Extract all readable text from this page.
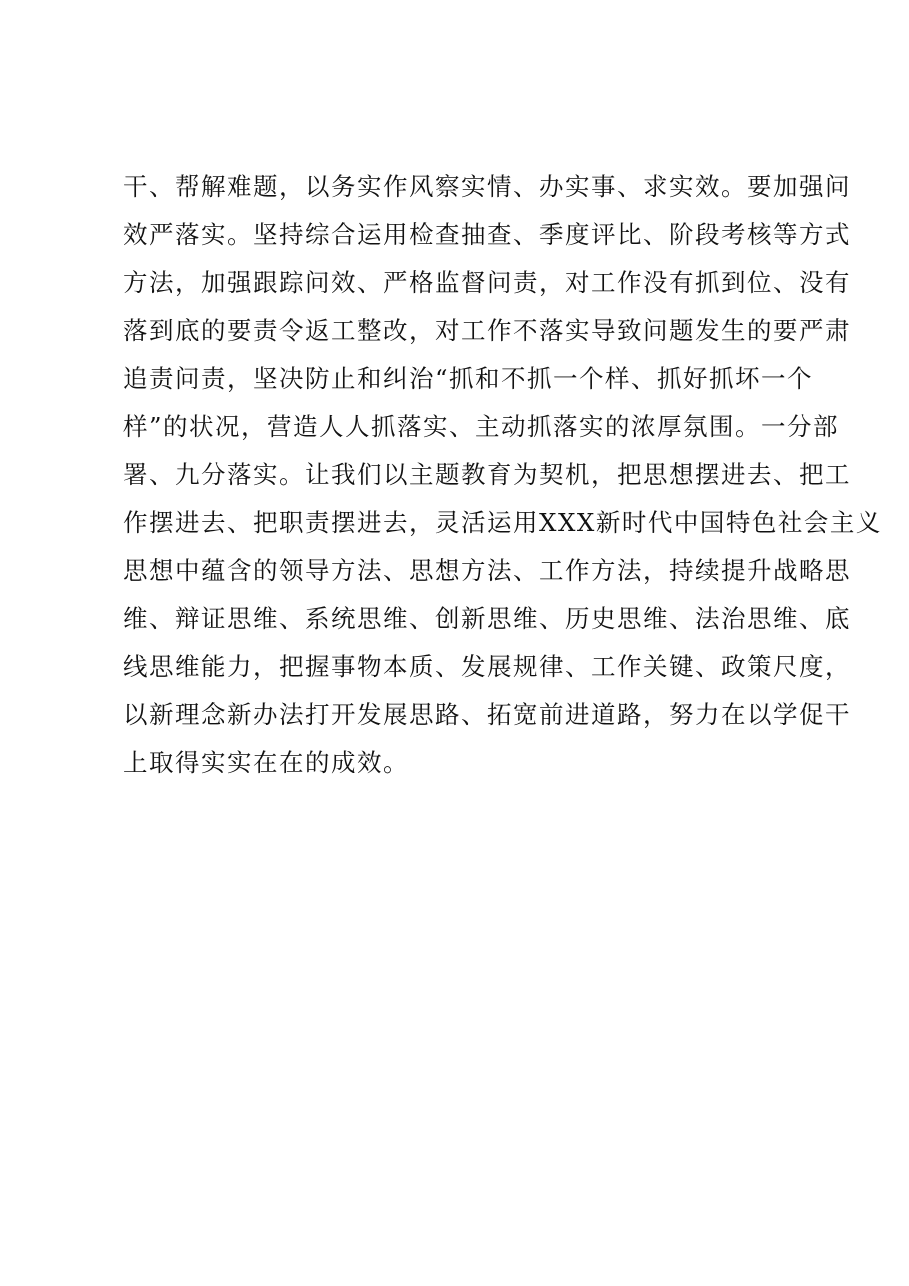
干、帮解难题，以务实作风察实情、办实事、求实效。要加强问
效严落实。坚持综合运用检查抽查、季度评比、阶段考核等方式
方法，加强跟踪问效、严格监督问责，对工作没有抓到位、没有
落到底的要责令返工整改，对工作不落实导致问题发生的要严肃
追责问责，坚决防止和纠治“抓和不抓一个样、抓好抓坏一个
样”的状况，营造人人抓落实、主动抓落实的浓厚氛围。一分部
署、九分落实。让我们以主题教育为契机，把思想摆进去、把工
作摆进去、把职责摆进去，灵活运用XXX新时代中国特色社会主义
思想中蕴含的领导方法、思想方法、工作方法，持续提升战略思
维、辩证思维、系统思维、创新思维、历史思维、法治思维、底
线思维能力，把握事物本质、发展规律、工作关键、政策尺度，
以新理念新办法打开发展思路、拓宽前进道路，努力在以学促干
上取得实实在在的成效。
